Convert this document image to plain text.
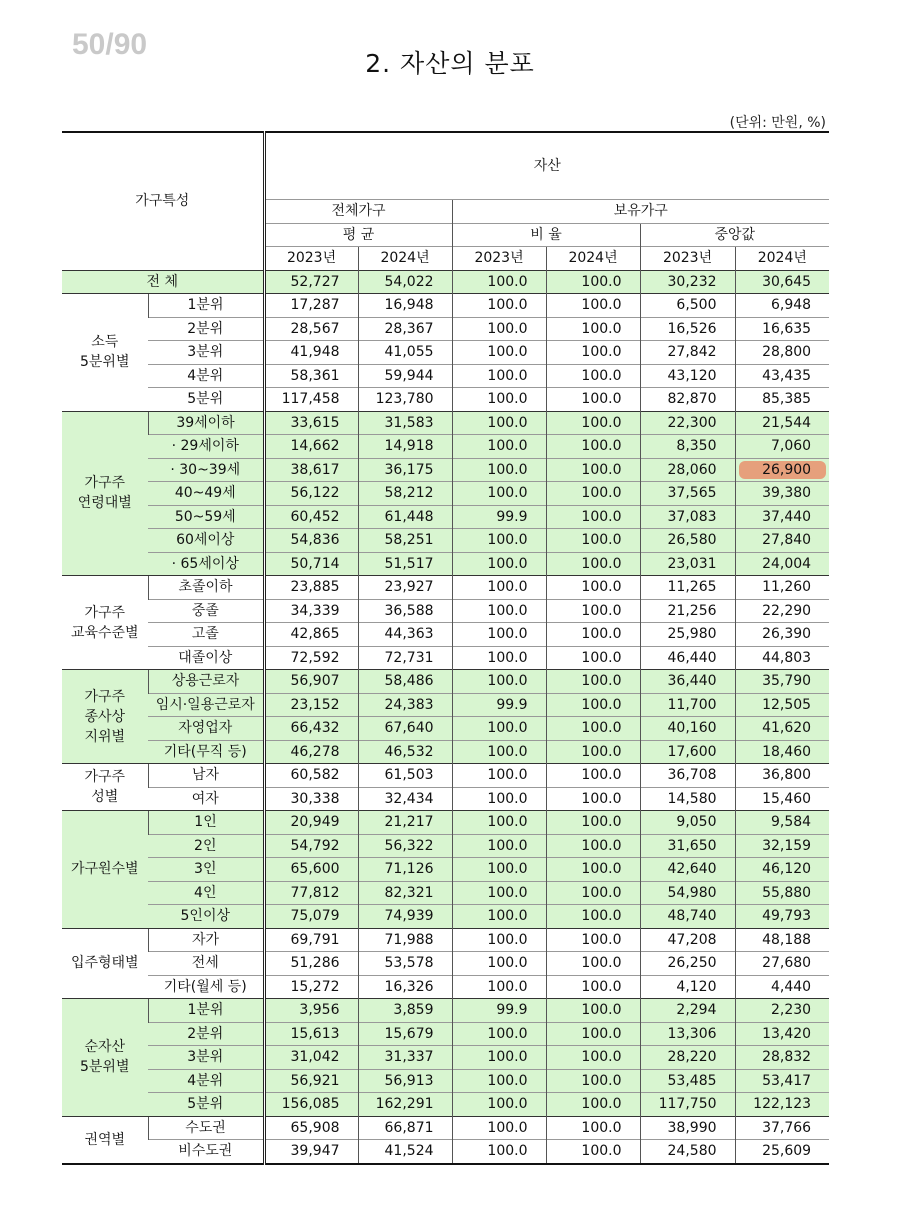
50/90
2. 자산의 분포
(단위: 만원, %)
가구특성		자산					
		전체가구		보유가구			
		평 균		비 율		중앙값	
		2023년	2024년	2023년	2024년	2023년	2024년
전 체		52,727	54,022	100.0	100.0	30,232	30,645
소득
5분위별	1분위	17,287	16,948	100.0	100.0	6,500	6,948
	2분위	28,567	28,367	100.0	100.0	16,526	16,635
	3분위	41,948	41,055	100.0	100.0	27,842	28,800
	4분위	58,361	59,944	100.0	100.0	43,120	43,435
	5분위	117,458	123,780	100.0	100.0	82,870	85,385
가구주
연령대별	39세이하	33,615	31,583	100.0	100.0	22,300	21,544
	· 29세이하	14,662	14,918	100.0	100.0	8,350	7,060
	· 30~39세	38,617	36,175	100.0	100.0	28,060	26,900
	40~49세	56,122	58,212	100.0	100.0	37,565	39,380
	50~59세	60,452	61,448	99.9	100.0	37,083	37,440
	60세이상	54,836	58,251	100.0	100.0	26,580	27,840
	· 65세이상	50,714	51,517	100.0	100.0	23,031	24,004
가구주
교육수준별	초졸이하	23,885	23,927	100.0	100.0	11,265	11,260
	중졸	34,339	36,588	100.0	100.0	21,256	22,290
	고졸	42,865	44,363	100.0	100.0	25,980	26,390
	대졸이상	72,592	72,731	100.0	100.0	46,440	44,803
가구주
종사상
지위별	상용근로자	56,907	58,486	100.0	100.0	36,440	35,790
	임시·일용근로자	23,152	24,383	99.9	100.0	11,700	12,505
	자영업자	66,432	67,640	100.0	100.0	40,160	41,620
	기타(무직 등)	46,278	46,532	100.0	100.0	17,600	18,460
가구주
성별	남자	60,582	61,503	100.0	100.0	36,708	36,800
	여자	30,338	32,434	100.0	100.0	14,580	15,460
가구원수별	1인	20,949	21,217	100.0	100.0	9,050	9,584
	2인	54,792	56,322	100.0	100.0	31,650	32,159
	3인	65,600	71,126	100.0	100.0	42,640	46,120
	4인	77,812	82,321	100.0	100.0	54,980	55,880
	5인이상	75,079	74,939	100.0	100.0	48,740	49,793
입주형태별	자가	69,791	71,988	100.0	100.0	47,208	48,188
	전세	51,286	53,578	100.0	100.0	26,250	27,680
	기타(월세 등)	15,272	16,326	100.0	100.0	4,120	4,440
순자산
5분위별	1분위	3,956	3,859	99.9	100.0	2,294	2,230
	2분위	15,613	15,679	100.0	100.0	13,306	13,420
	3분위	31,042	31,337	100.0	100.0	28,220	28,832
	4분위	56,921	56,913	100.0	100.0	53,485	53,417
	5분위	156,085	162,291	100.0	100.0	117,750	122,123
권역별	수도권	65,908	66,871	100.0	100.0	38,990	37,766
	비수도권	39,947	41,524	100.0	100.0	24,580	25,609
